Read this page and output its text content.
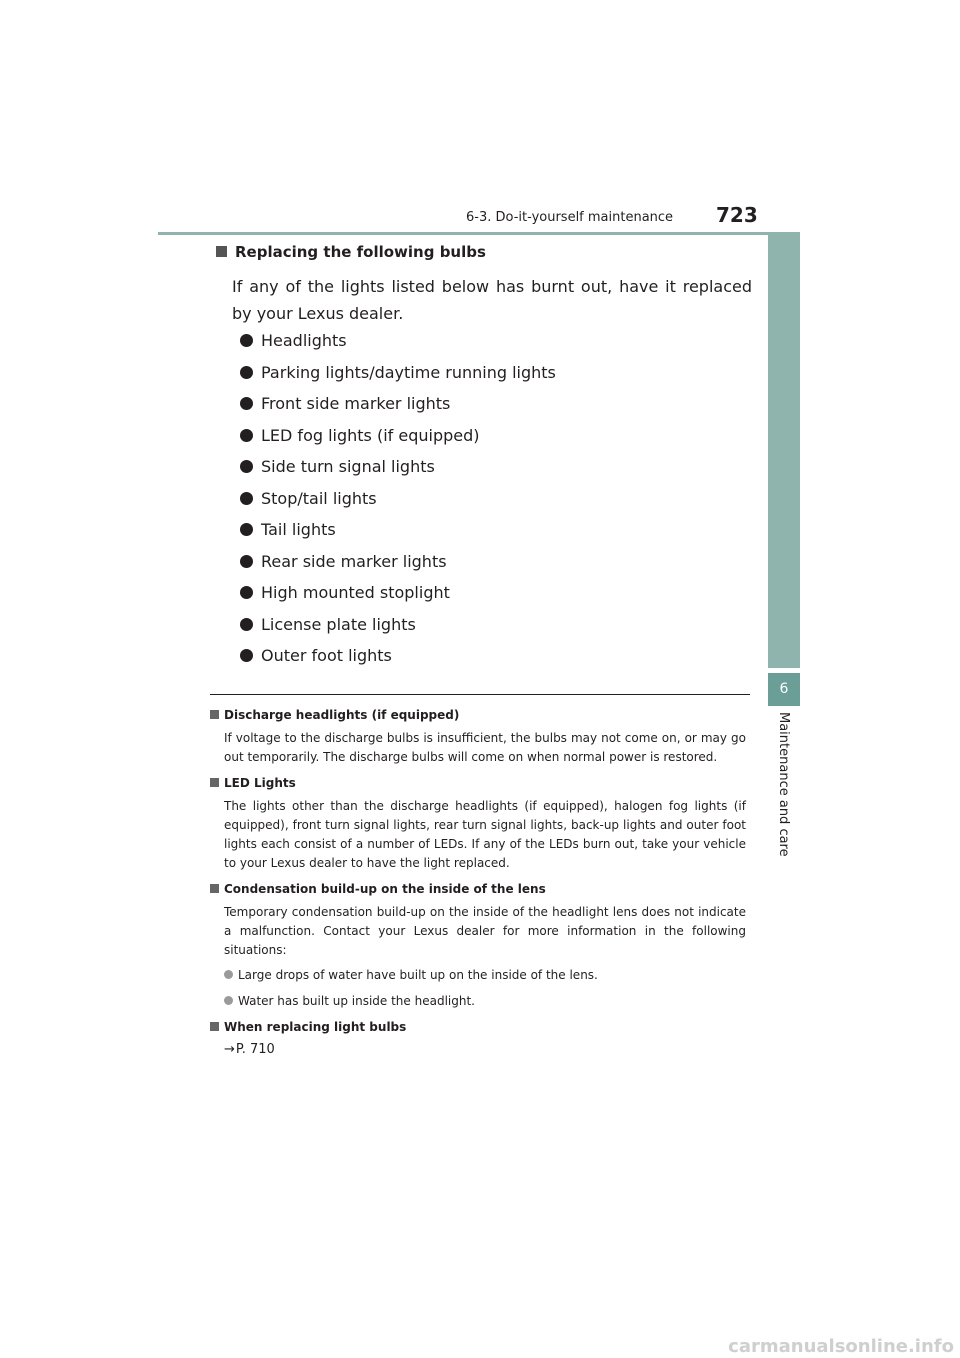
6-3. Do-it-yourself maintenance 723
6
Maintenance and care
Replacing the following bulbs
If any of the lights listed below has burnt out, have it replaced by your Lexus dealer.
Headlights
Parking lights/daytime running lights
Front side marker lights
LED fog lights (if equipped)
Side turn signal lights
Stop/tail lights
Tail lights
Rear side marker lights
High mounted stoplight
License plate lights
Outer foot lights

Discharge headlights (if equipped)

If voltage to the discharge bulbs is insufficient, the bulbs may not come on, or may go out temporarily. The discharge bulbs will come on when normal power is restored.

LED Lights

The lights other than the discharge headlights (if equipped), halogen fog lights (if equipped), front turn signal lights, rear turn signal lights, back-up lights and outer foot lights each consist of a number of LEDs. If any of the LEDs burn out, take your vehicle to your Lexus dealer to have the light replaced.

Condensation build-up on the inside of the lens

Temporary condensation build-up on the inside of the headlight lens does not indicate a malfunction. Contact your Lexus dealer for more information in the following situations:
Large drops of water have built up on the inside of the lens.
Water has built up inside the headlight.

When replacing light bulbs

→P. 710
carmanualsonline.info
